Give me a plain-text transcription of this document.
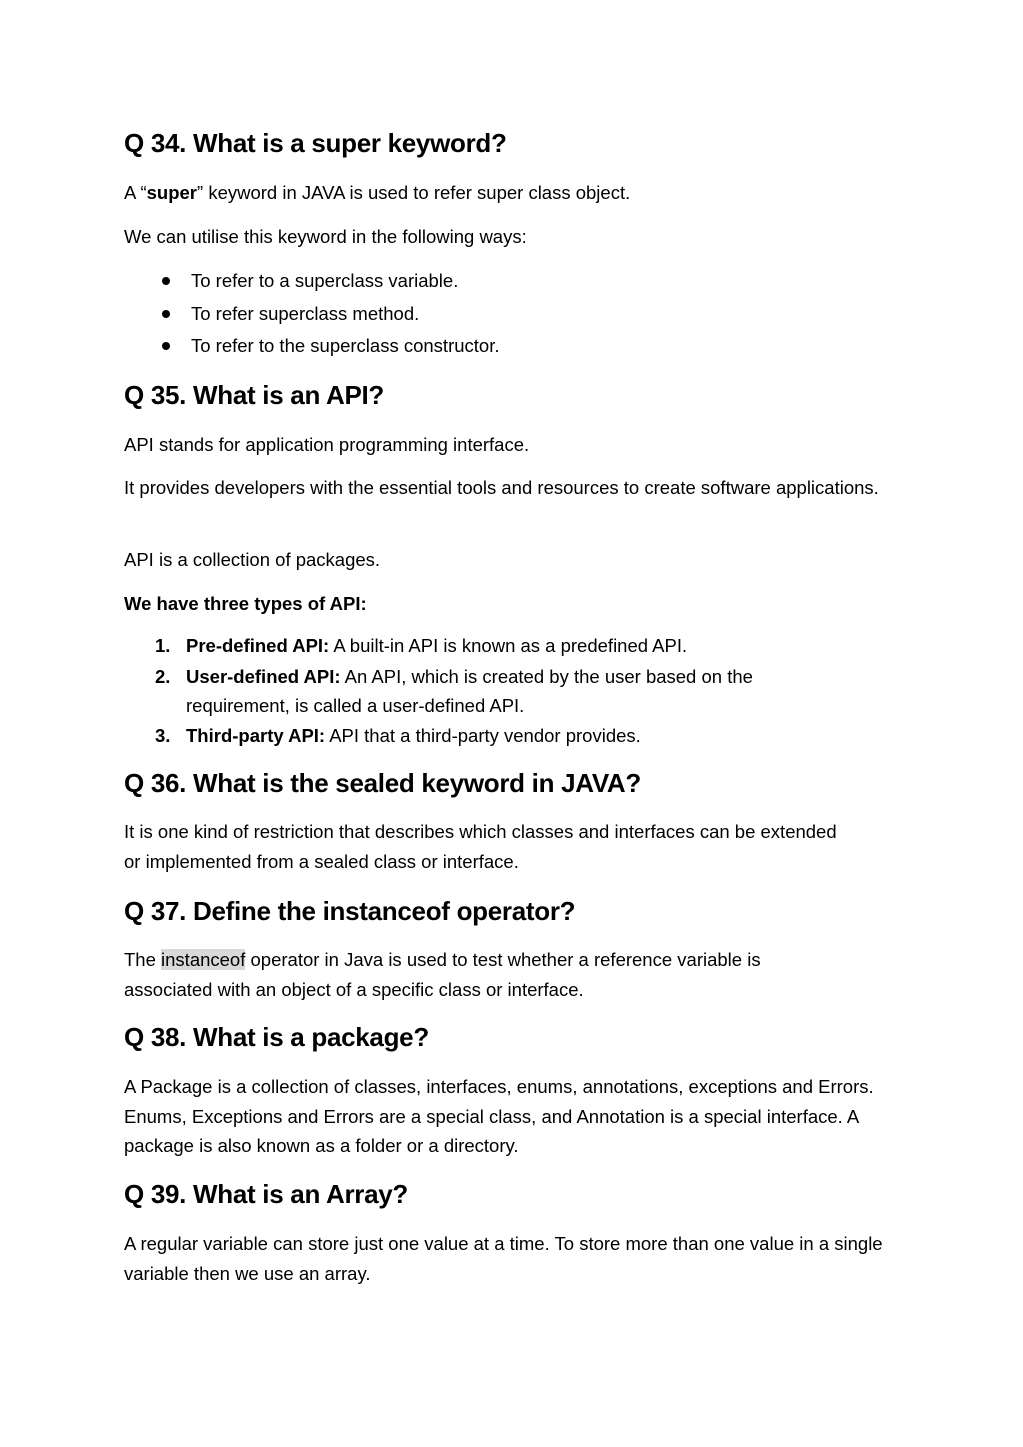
Q 34. What is a super keyword?

A “super” keyword in JAVA is used to refer super class object.

We can utilise this keyword in the following ways:

To refer to a superclass variable.
To refer superclass method.
To refer to the superclass constructor.
Q 35. What is an API?

API stands for application programming interface.

It provides developers with the essential tools and resources to create software applications.

API is a collection of packages.

We have three types of API:

1. Pre-defined API: A built-in API is known as a predefined API.
2. User-defined API: An API, which is created by the user based on the requirement, is called a user-defined API.
3. Third-party API: API that a third-party vendor provides.
Q 36. What is the sealed keyword in JAVA?

It is one kind of restriction that describes which classes and interfaces can be extended or implemented from a sealed class or interface.

Q 37. Define the instanceof operator?

The instanceof operator in Java is used to test whether a reference variable is associated with an object of a specific class or interface.

Q 38. What is a package?

A Package is a collection of classes, interfaces, enums, annotations, exceptions and Errors. Enums, Exceptions and Errors are a special class, and Annotation is a special interface. A package is also known as a folder or a directory.

Q 39. What is an Array?

A regular variable can store just one value at a time. To store more than one value in a single variable then we use an array.
